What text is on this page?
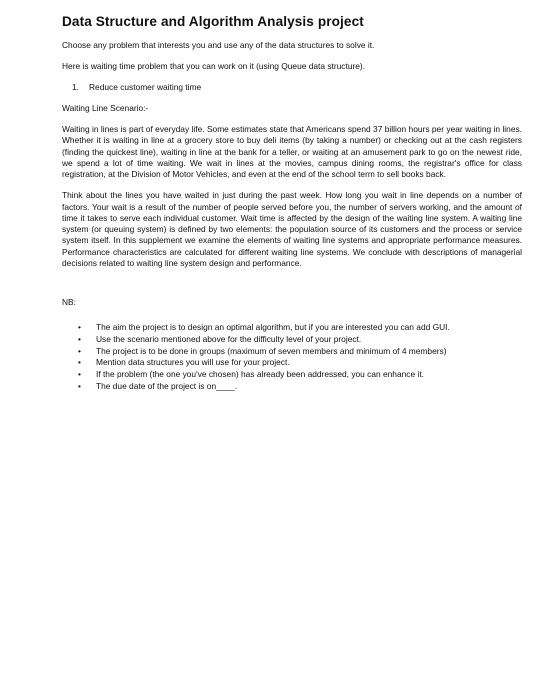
Data Structure and Algorithm Analysis project
Choose any problem that interests you and use any of the data structures to solve it.
Here is waiting time problem that you can work on it (using Queue data structure).
1. Reduce customer waiting time
Waiting Line Scenario:-
Waiting in lines is part of everyday life. Some estimates state that Americans spend 37 billion hours per year waiting in lines. Whether it is waiting in line at a grocery store to buy deli items (by taking a number) or checking out at the cash registers (finding the quickest line), waiting in line at the bank for a teller, or waiting at an amusement park to go on the newest ride, we spend a lot of time waiting. We wait in lines at the movies, campus dining rooms, the registrar's office for class registration, at the Division of Motor Vehicles, and even at the end of the school term to sell books back.
Think about the lines you have waited in just during the past week. How long you wait in line depends on a number of factors. Your wait is a result of the number of people served before you, the number of servers working, and the amount of time it takes to serve each individual customer. Wait time is affected by the design of the waiting line system. A waiting line system (or queuing system) is defined by two elements: the population source of its customers and the process or service system itself. In this supplement we examine the elements of waiting line systems and appropriate performance measures. Performance characteristics are calculated for different waiting line systems. We conclude with descriptions of managerial decisions related to waiting line system design and performance.
NB:
•	The aim the project is to design an optimal algorithm, but if you are interested you can add GUI.
•	Use the scenario mentioned above for the difficulty level of your project.
•	The project is to be done in groups (maximum of seven members and minimum of 4 members)
•	Mention data structures you will use for your project.
•	If the problem (the one you've chosen) has already been addressed, you can enhance it.
•	The due date of the project is on____.
